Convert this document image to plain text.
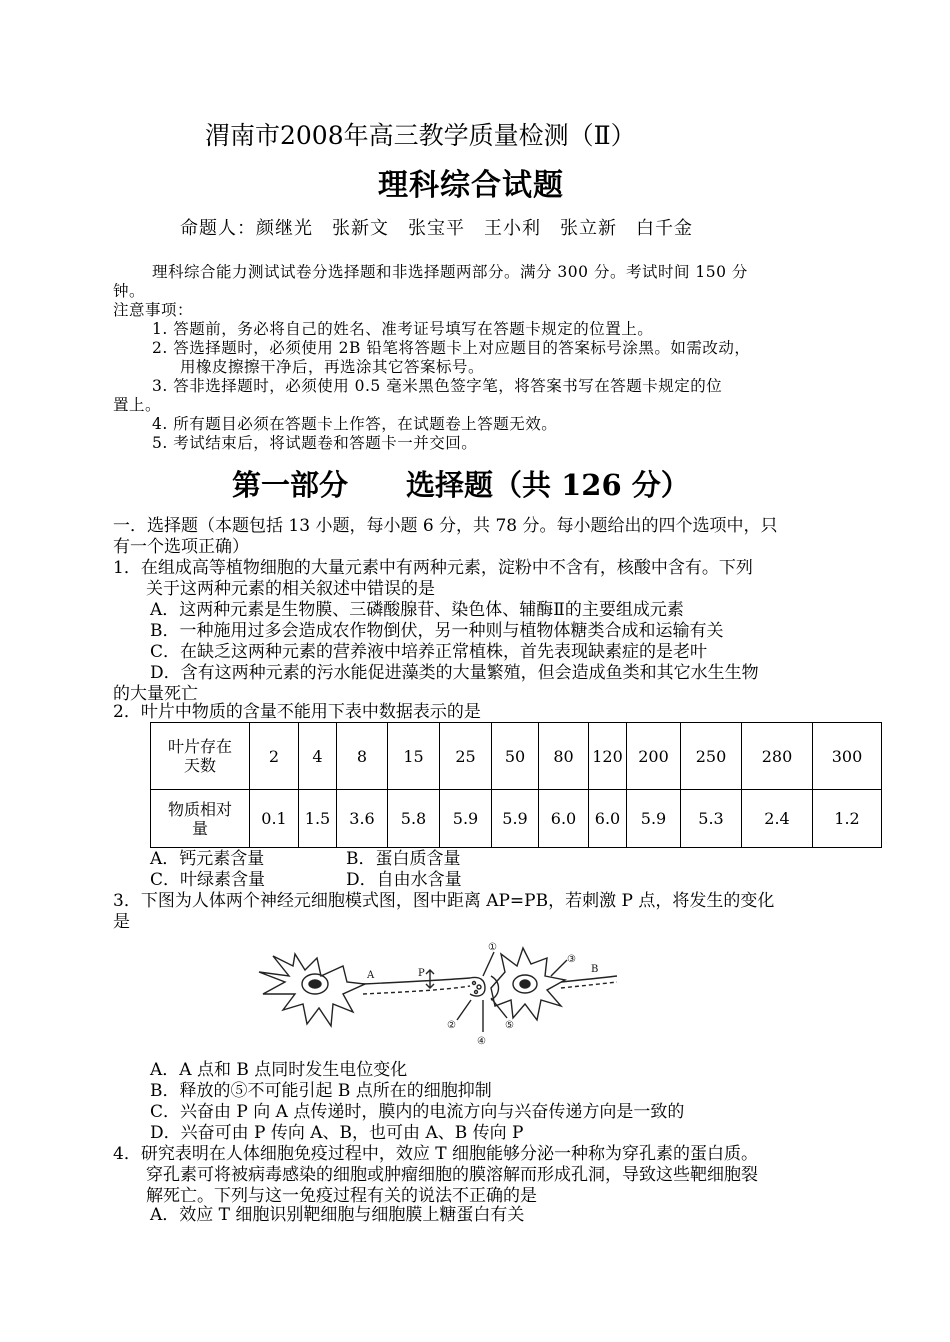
渭南市2008年高三教学质量检测（Ⅱ）
理科综合试题
命题人：颜继光　张新文　张宝平　王小利　张立新　白千金
理科综合能力测试试卷分选择题和非选择题两部分。满分 300 分。考试时间 150 分
钟。
注意事项：
1. 答题前，务必将自己的姓名、准考证号填写在答题卡规定的位置上。
2. 答选择题时，必须使用 2B 铅笔将答题卡上对应题目的答案标号涂黑。如需改动，
用橡皮擦擦干净后，再选涂其它答案标号。
3. 答非选择题时，必须使用 0.5 毫米黑色签字笔，将答案书写在答题卡规定的位
置上。
4. 所有题目必须在答题卡上作答，在试题卷上答题无效。
5. 考试结束后，将试题卷和答题卡一并交回。
第一部分　　选择题（共 126 分）
一．选择题（本题包括 13 小题，每小题 6 分，共 78 分。每小题给出的四个选项中，只
有一个选项正确）
1．在组成高等植物细胞的大量元素中有两种元素，淀粉中不含有，核酸中含有。下列
关于这两种元素的相关叙述中错误的是
A．这两种元素是生物膜、三磷酸腺苷、染色体、辅酶Ⅱ的主要组成元素
B．一种施用过多会造成农作物倒伏，另一种则与植物体糖类合成和运输有关
C．在缺乏这两种元素的营养液中培养正常植株，首先表现缺素症的是老叶
D．含有这两种元素的污水能促进藻类的大量繁殖，但会造成鱼类和其它水生生物
的大量死亡
2．叶片中物质的含量不能用下表中数据表示的是
叶片存在
天数	2	4	8	15	25	50	80	120	200	250	280	300
物质相对
量	0.1	1.5	3.6	5.8	5.9	5.9	6.0	6.0	5.9	5.3	2.4	1.2
A．钙元素含量	B．蛋白质含量
C．叶绿素含量	D．自由水含量
3．下图为人体两个神经元细胞模式图，图中距离 AP=PB，若刺激 P 点，将发生的变化
是
A	P	B
①
②
③
④
⑤
A．A 点和 B 点同时发生电位变化
B．释放的⑤不可能引起 B 点所在的细胞抑制
C．兴奋由 P 向 A 点传递时，膜内的电流方向与兴奋传递方向是一致的
D．兴奋可由 P 传向 A、B，也可由 A、B 传向 P
4．研究表明在人体细胞免疫过程中，效应 T 细胞能够分泌一种称为穿孔素的蛋白质。
穿孔素可将被病毒感染的细胞或肿瘤细胞的膜溶解而形成孔洞，导致这些靶细胞裂
解死亡。下列与这一免疫过程有关的说法不正确的是
A．效应 T 细胞识别靶细胞与细胞膜上糖蛋白有关
